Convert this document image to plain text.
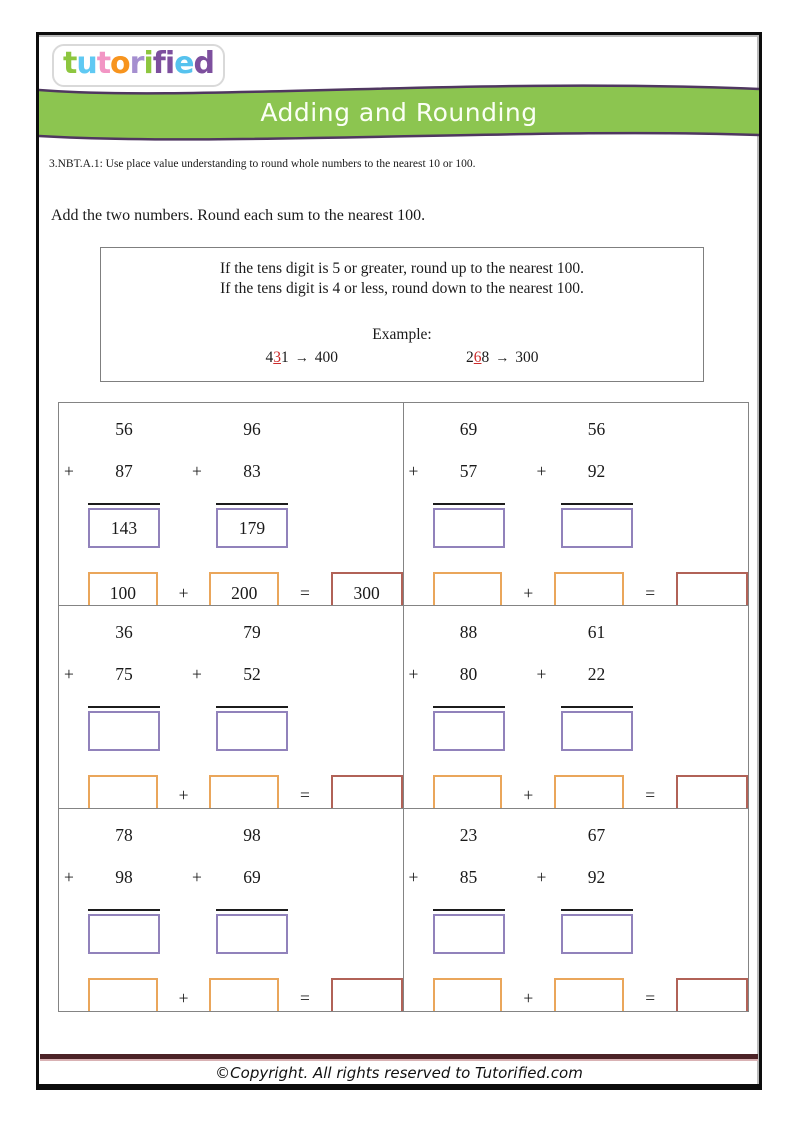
tutorified
Adding and Rounding
3.NBT.A.1: Use place value understanding to round whole numbers to the nearest 10 or 100.
Add the two numbers. Round each sum to the nearest 100.
If the tens digit is 5 or greater, round up to the nearest 100.
If the tens digit is 4 or less, round down to the nearest 100.
Example:
431 → 400	268 → 300
56
+ 87
143
96
+ 83
179
100	+	200	=	300
69
+ 57
56
+ 92
+	=
36
+ 75
79
+ 52
+	=
88
+ 80
61
+ 22
+	=
78
+ 98
98
+ 69
+	=
23
+ 85
67
+ 92
+	=
©Copyright. All rights reserved to Tutorified.com
